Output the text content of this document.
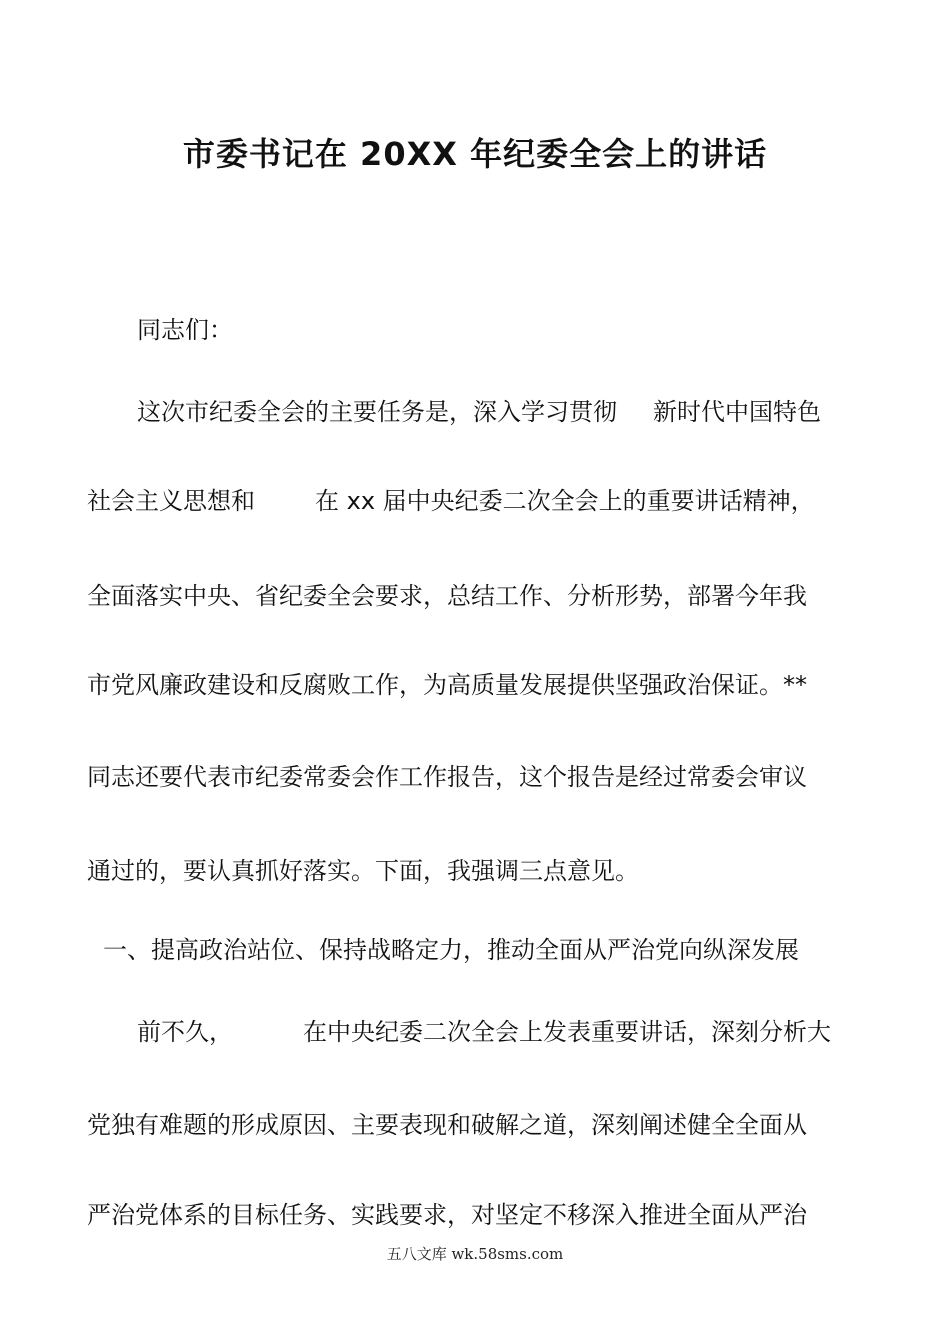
市委书记在 20XX 年纪委全会上的讲话

同志们：

这次市纪委全会的主要任务是，深入学习贯彻 新时代中国特色

社会主义思想和	在 xx 届中央纪委二次全会上的重要讲话精神，

全面落实中央、省纪委全会要求，总结工作、分析形势，部署今年我

市党风廉政建设和反腐败工作，为高质量发展提供坚强政治保证。**

同志还要代表市纪委常委会作工作报告，这个报告是经过常委会审议

通过的，要认真抓好落实。下面，我强调三点意见。

一、提高政治站位、保持战略定力，推动全面从严治党向纵深发展

前不久，	在中央纪委二次全会上发表重要讲话，深刻分析大

党独有难题的形成原因、主要表现和破解之道，深刻阐述健全全面从

严治党体系的目标任务、实践要求，对坚定不移深入推进全面从严治

五八文库 wk.58sms.com
